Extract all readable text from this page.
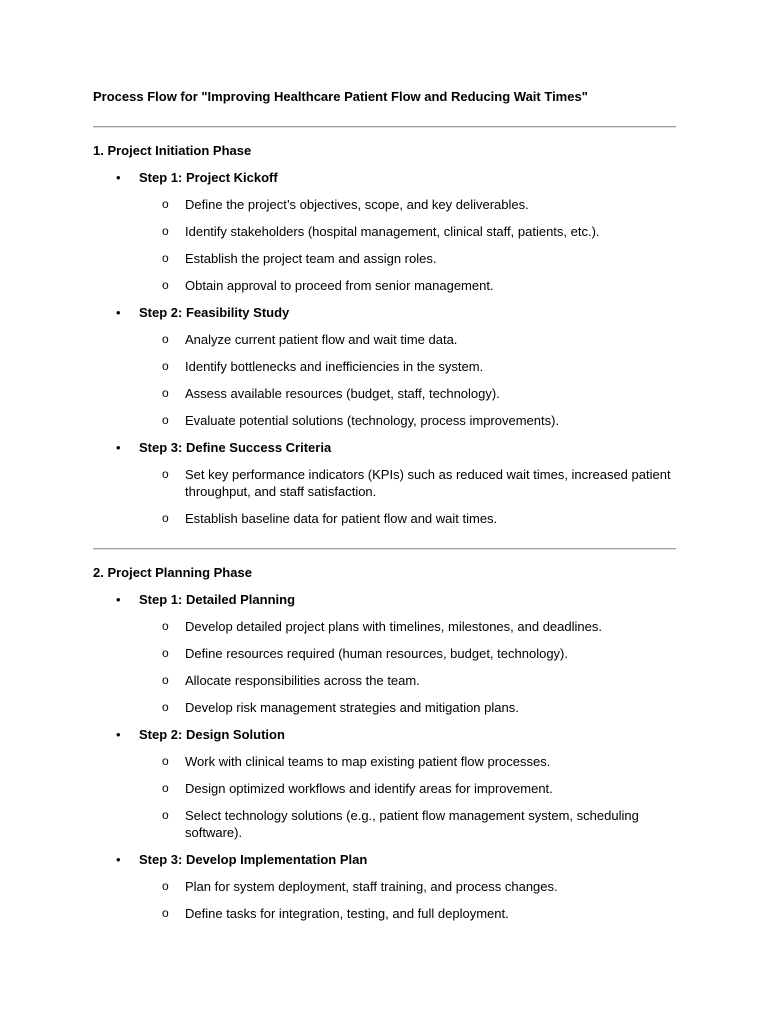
Process Flow for "Improving Healthcare Patient Flow and Reducing Wait Times"

1. Project Initiation Phase

• Step 1: Project Kickoff
o Define the project’s objectives, scope, and key deliverables.
o Identify stakeholders (hospital management, clinical staff, patients, etc.).
o Establish the project team and assign roles.
o Obtain approval to proceed from senior management.
• Step 2: Feasibility Study
o Analyze current patient flow and wait time data.
o Identify bottlenecks and inefficiencies in the system.
o Assess available resources (budget, staff, technology).
o Evaluate potential solutions (technology, process improvements).
• Step 3: Define Success Criteria
o Set key performance indicators (KPIs) such as reduced wait times, increased patient throughput, and staff satisfaction.
o Establish baseline data for patient flow and wait times.

2. Project Planning Phase

• Step 1: Detailed Planning
o Develop detailed project plans with timelines, milestones, and deadlines.
o Define resources required (human resources, budget, technology).
o Allocate responsibilities across the team.
o Develop risk management strategies and mitigation plans.
• Step 2: Design Solution
o Work with clinical teams to map existing patient flow processes.
o Design optimized workflows and identify areas for improvement.
o Select technology solutions (e.g., patient flow management system, scheduling software).
• Step 3: Develop Implementation Plan
o Plan for system deployment, staff training, and process changes.
o Define tasks for integration, testing, and full deployment.
